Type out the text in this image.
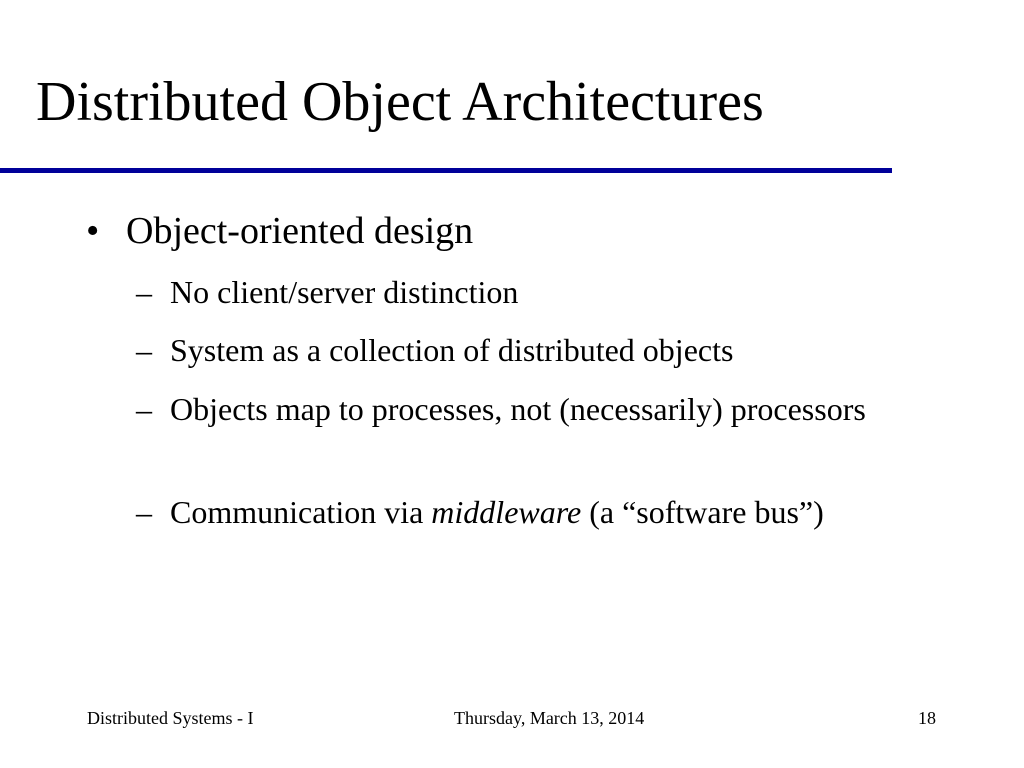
Distributed Object Architectures
• Object-oriented design
– No client/server distinction
– System as a collection of distributed objects
– Objects map to processes, not (necessarily) processors
– Communication via middleware (a “software bus”)
Distributed Systems - I	Thursday, March 13, 2014	18
